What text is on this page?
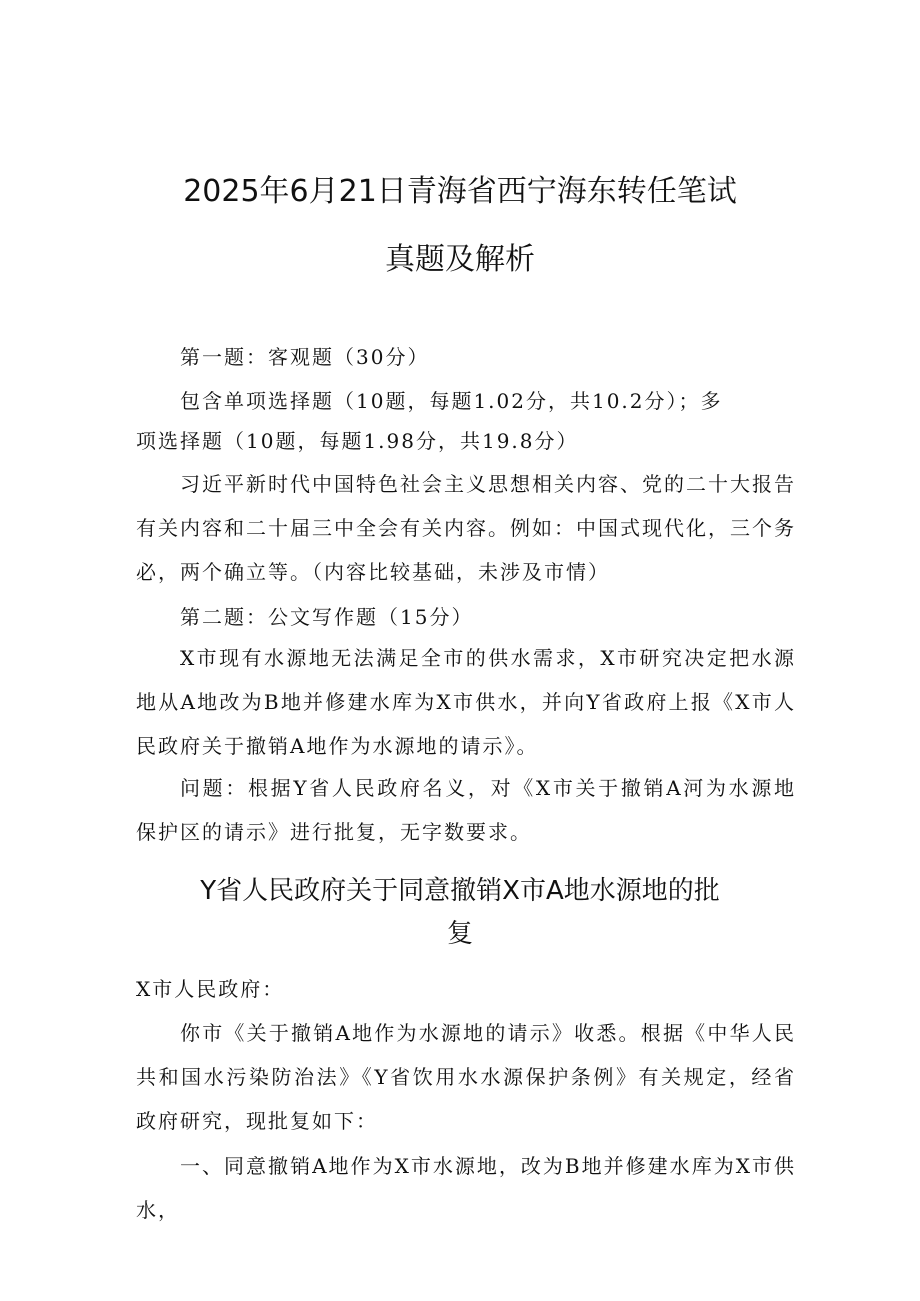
2025年6月21日青海省西宁海东转任笔试
真题及解析

第一题：客观题（30分）

包含单项选择题（10题，每题1.02分，共10.2分）；多

项选择题（10题，每题1.98分，共19.8分）

习近平新时代中国特色社会主义思想相关内容、党的二十大报告有关内容和二十届三中全会有关内容。例如：中国式现代化，三个务必，两个确立等。（内容比较基础，未涉及市情）

第二题：公文写作题（15分）

X市现有水源地无法满足全市的供水需求，X市研究决定把水源地从A地改为B地并修建水库为X市供水，并向Y省政府上报《X市人民政府关于撤销A地作为水源地的请示》。

问题：根据Y省人民政府名义，对《X市关于撤销A河为水源地保护区的请示》进行批复，无字数要求。

Y省人民政府关于同意撤销X市A地水源地的批
复

X市人民政府：

你市《关于撤销A地作为水源地的请示》收悉。根据《中华人民共和国水污染防治法》《Y省饮用水水源保护条例》有关规定，经省政府研究，现批复如下：

一、同意撤销A地作为X市水源地，改为B地并修建水库为X市供水，
